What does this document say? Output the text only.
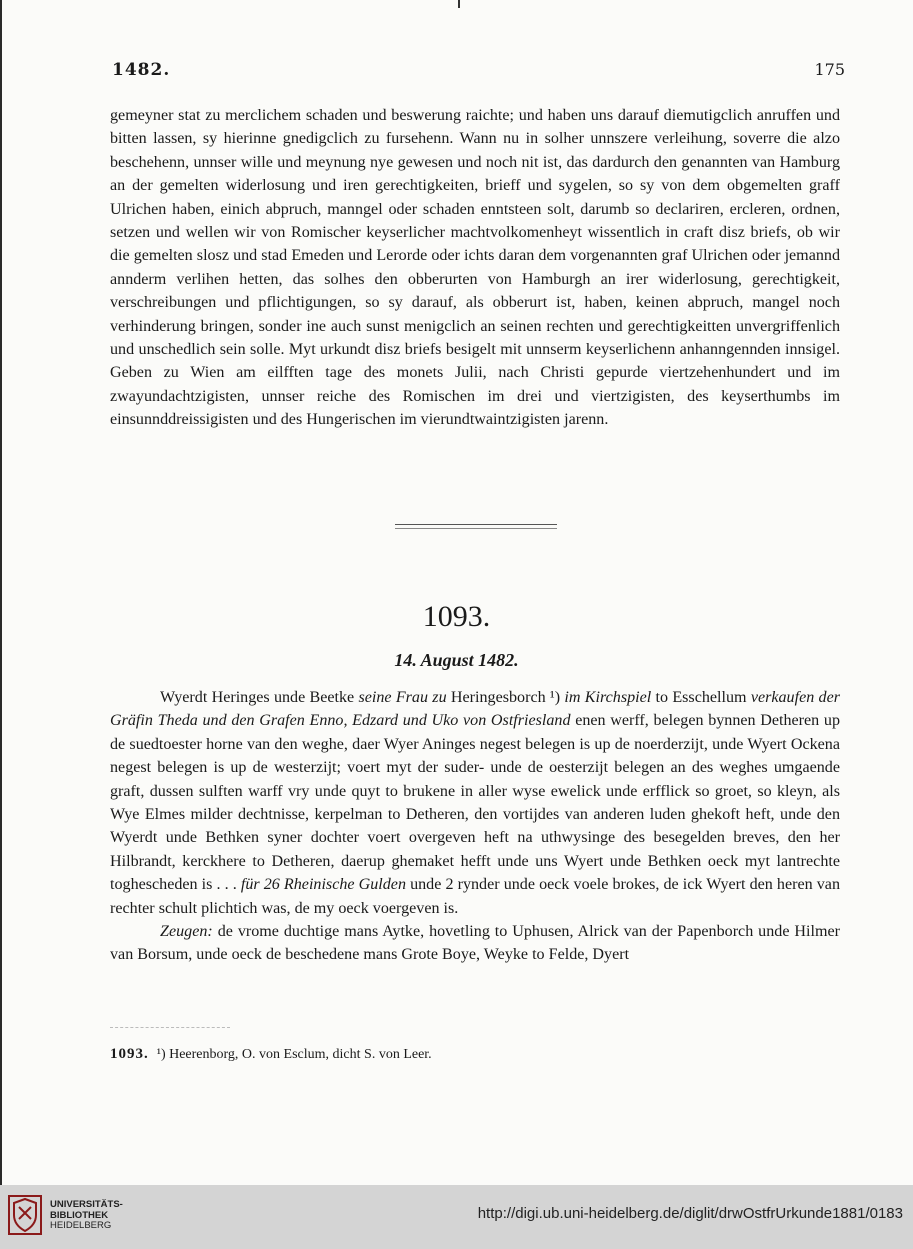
1482.	175

gemeyner stat zu merclichem schaden und beswerung raichte; und haben uns darauf diemutigclich anruffen und bitten lassen, sy hierinne gnedigclich zu fursehenn. Wann nu in solher unnszere verleihung, soverre die alzo beschehenn, unnser wille und meynung nye gewesen und noch nit ist, das dardurch den genannten van Hamburg an der gemelten widerlosung und iren gerechtigkeiten, brieff und sygelen, so sy von dem obgemelten graff Ulrichen haben, einich abpruch, manngel oder schaden enntsteen solt, darumb so declariren, ercleren, ordnen, setzen und wellen wir von Romischer keyserlicher machtvolkomenheyt wissentlich in craft disz briefs, ob wir die gemelten slosz und stad Emeden und Lerorde oder ichts daran dem vorgenannten graf Ulrichen oder jemannd annderm verlihen hetten, das solhes den obberurten von Hamburgh an irer widerlosung, gerechtigkeit, verschreibungen und pflichtigungen, so sy darauf, als obberurt ist, haben, keinen abpruch, mangel noch verhinderung bringen, sonder ine auch sunst menigclich an seinen rechten und gerechtigkeitten unvergriffenlich und unschedlich sein solle. Myt urkundt disz briefs besigelt mit unnserm keyserlichenn anhanngennden innsigel. Geben zu Wien am eilfften tage des monets Julii, nach Christi gepurde viertzehenhundert und im zwayundachtzigisten, unnser reiche des Romischen im drei und viertzigisten, des keyserthumbs im einsunnddreissigisten und des Hungerischen im vierundtwaintzigisten jarenn.

1093.
14. August 1482.

Wyerdt Heringes unde Beetke seine Frau zu Heringesborch ¹) im Kirchspiel to Esschellum verkaufen der Gräfin Theda und den Grafen Enno, Edzard und Uko von Ostfriesland enen werff, belegen bynnen Detheren up de suedtoester horne van den weghe, daer Wyer Aninges negest belegen is up de noerderzijt, unde Wyert Ockena negest belegen is up de westerzijt; voert myt der suder- unde de oesterzijt belegen an des weghes umgaende graft, dussen sulften warff vry unde quyt to brukene in aller wyse ewelick unde erfflick so groet, so kleyn, als Wye Elmes milder dechtnisse, kerpelman to Detheren, den vortijdes van anderen luden ghekoft heft, unde den Wyerdt unde Bethken syner dochter voert overgeven heft na uthwysinge des besegelden breves, den her Hilbrandt, kerckhere to Detheren, daerup ghemaket hefft unde uns Wyert unde Bethken oeck myt lantrechte toghescheden is . . . für 26 Rheinische Gulden unde 2 rynder unde oeck voele brokes, de ick Wyert den heren van rechter schult plichtich was, de my oeck voergeven is.

Zeugen: de vrome duchtige mans Aytke, hovetling to Uphusen, Alrick van der Papenborch unde Hilmer van Borsum, unde oeck de beschedene mans Grote Boye, Weyke to Felde, Dyert

1093. ¹) Heerenborg, O. von Esclum, dicht S. von Leer.
UNIVERSITÄTS-
BIBLIOTHEK
HEIDELBERG
http://digi.ub.uni-heidelberg.de/diglit/drwOstfrUrkunde1881/0183
